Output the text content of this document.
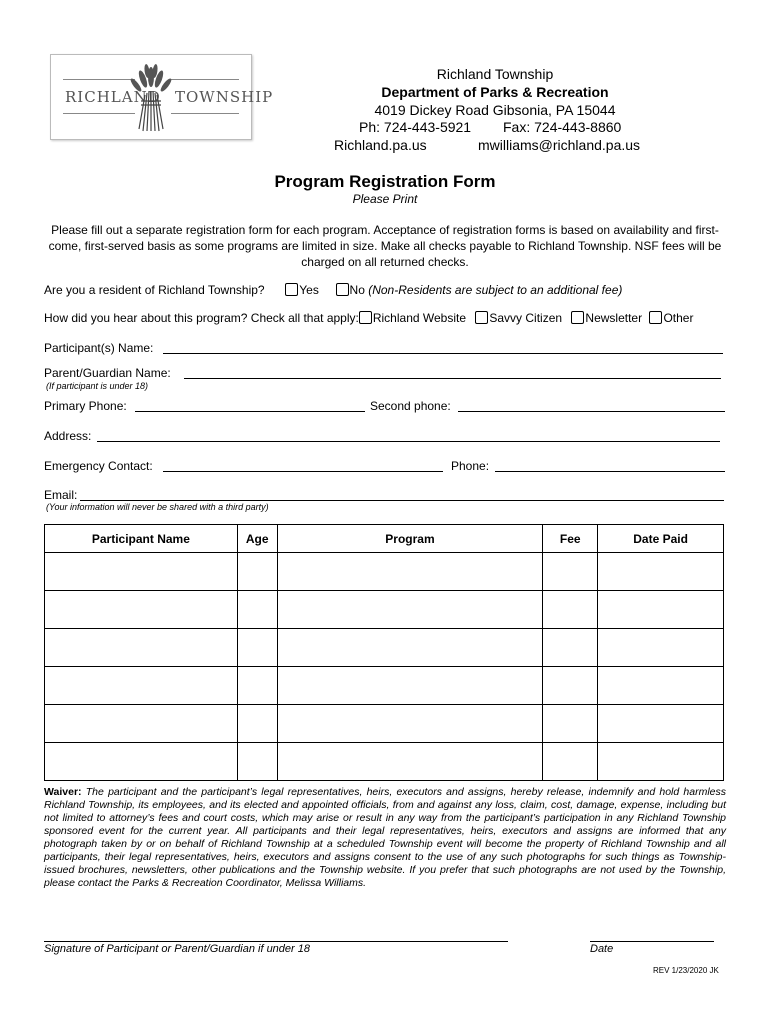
RICHLAND TOWNSHIP
Richland Township
Department of Parks & Recreation
4019 Dickey Road Gibsonia, PA 15044
Ph: 724-443-5921 Fax: 724-443-8860
Richland.pa.us	mwilliams@richland.pa.us
Program Registration Form
Please Print
Please fill out a separate registration form for each program. Acceptance of registration forms is based on availability and first-come, first-served basis as some programs are limited in size. Make all checks payable to Richland Township. NSF fees will be charged on all returned checks.
Are you a resident of Richland Township?	Yes	No (Non-Residents are subject to an additional fee)
How did you hear about this program? Check all that apply: Richland Website Savvy Citizen Newsletter Other
Participant(s) Name:
Parent/Guardian Name:
(If participant is under 18)
Primary Phone:	Second phone:
Address:
Emergency Contact:	Phone:
Email:
(Your information will never be shared with a third party)
Participant Name	Age	Program	Fee	Date Paid

Waiver: The participant and the participant’s legal representatives, heirs, executors and assigns, hereby release, indemnify and hold harmless Richland Township, its employees, and its elected and appointed officials, from and against any loss, claim, cost, damage, expense, including but not limited to attorney’s fees and court costs, which may arise or result in any way from the participant’s participation in any Richland Township sponsored event for the current year. All participants and their legal representatives, heirs, executors and assigns are informed that any photograph taken by or on behalf of Richland Township at a scheduled Township event will become the property of Richland Township and all participants, their legal representatives, heirs, executors and assigns consent to the use of any such photographs for such things as Township-issued brochures, newsletters, other publications and the Township website. If you prefer that such photographs are not used by the Township, please contact the Parks & Recreation Coordinator, Melissa Williams.
Signature of Participant or Parent/Guardian if under 18	Date
REV 1/23/2020 JK
